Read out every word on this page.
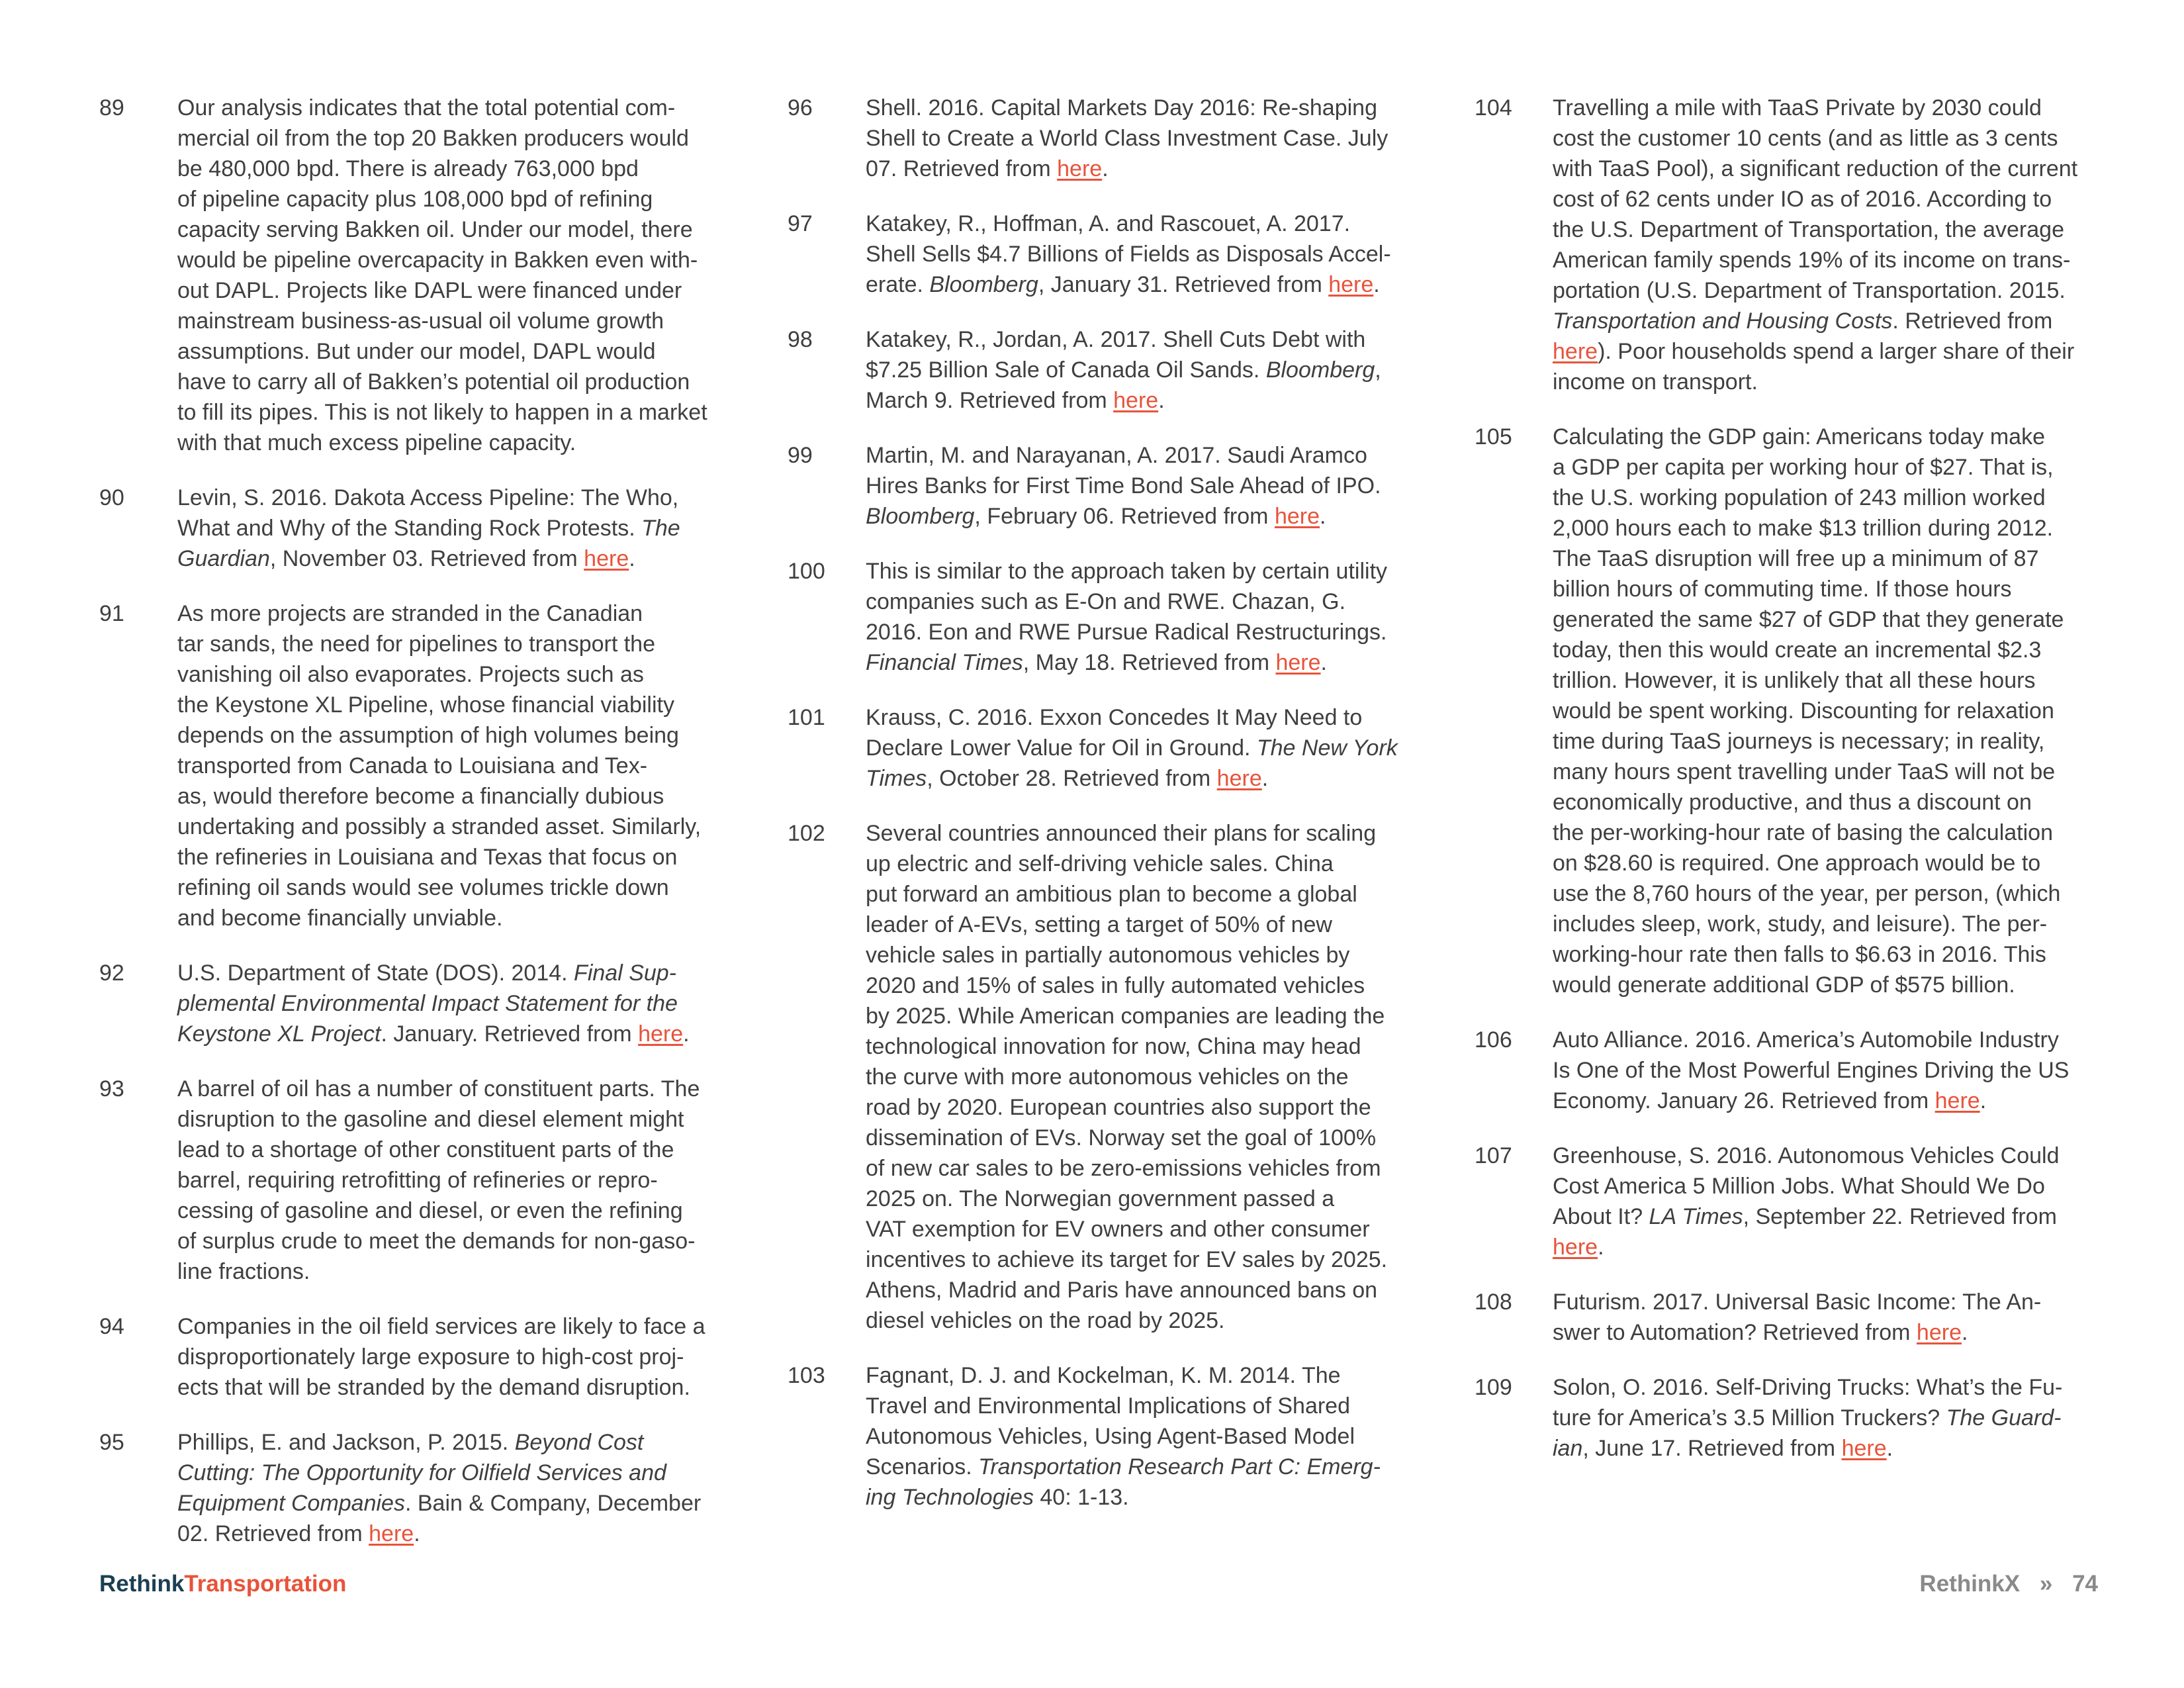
89	Our analysis indicates that the total potential com-
mercial oil from the top 20 Bakken producers would
be 480,000 bpd. There is already 763,000 bpd
of pipeline capacity plus 108,000 bpd of refining
capacity serving Bakken oil. Under our model, there
would be pipeline overcapacity in Bakken even with-
out DAPL. Projects like DAPL were financed under
mainstream business-as-usual oil volume growth
assumptions. But under our model, DAPL would
have to carry all of Bakken’s potential oil production
to fill its pipes. This is not likely to happen in a market
with that much excess pipeline capacity.
90	Levin, S. 2016. Dakota Access Pipeline: The Who,
What and Why of the Standing Rock Protests. The
Guardian, November 03. Retrieved from here.
91	As more projects are stranded in the Canadian
tar sands, the need for pipelines to transport the
vanishing oil also evaporates. Projects such as
the Keystone XL Pipeline, whose financial viability
depends on the assumption of high volumes being
transported from Canada to Louisiana and Tex-
as, would therefore become a financially dubious
undertaking and possibly a stranded asset. Similarly,
the refineries in Louisiana and Texas that focus on
refining oil sands would see volumes trickle down
and become financially unviable.
92	U.S. Department of State (DOS). 2014. Final Sup-
plemental Environmental Impact Statement for the
Keystone XL Project. January. Retrieved from here.
93	A barrel of oil has a number of constituent parts. The
disruption to the gasoline and diesel element might
lead to a shortage of other constituent parts of the
barrel, requiring retrofitting of refineries or repro-
cessing of gasoline and diesel, or even the refining
of surplus crude to meet the demands for non-gaso-
line fractions.
94	Companies in the oil field services are likely to face a
disproportionately large exposure to high-cost proj-
ects that will be stranded by the demand disruption.
95	Phillips, E. and Jackson, P. 2015. Beyond Cost
Cutting: The Opportunity for Oilfield Services and
Equipment Companies. Bain & Company, December
02. Retrieved from here.
96	Shell. 2016. Capital Markets Day 2016: Re-shaping
Shell to Create a World Class Investment Case. July
07. Retrieved from here.
97	Katakey, R., Hoffman, A. and Rascouet, A. 2017.
Shell Sells $4.7 Billions of Fields as Disposals Accel-
erate. Bloomberg, January 31. Retrieved from here.
98	Katakey, R., Jordan, A. 2017. Shell Cuts Debt with
$7.25 Billion Sale of Canada Oil Sands. Bloomberg,
March 9. Retrieved from here.
99	Martin, M. and Narayanan, A. 2017. Saudi Aramco
Hires Banks for First Time Bond Sale Ahead of IPO.
Bloomberg, February 06. Retrieved from here.
100	This is similar to the approach taken by certain utility
companies such as E-On and RWE. Chazan, G.
2016. Eon and RWE Pursue Radical Restructurings.
Financial Times, May 18. Retrieved from here.
101	Krauss, C. 2016. Exxon Concedes It May Need to
Declare Lower Value for Oil in Ground. The New York
Times, October 28. Retrieved from here.
102	Several countries announced their plans for scaling
up electric and self-driving vehicle sales. China
put forward an ambitious plan to become a global
leader of A-EVs, setting a target of 50% of new
vehicle sales in partially autonomous vehicles by
2020 and 15% of sales in fully automated vehicles
by 2025. While American companies are leading the
technological innovation for now, China may head
the curve with more autonomous vehicles on the
road by 2020. European countries also support the
dissemination of EVs. Norway set the goal of 100%
of new car sales to be zero-emissions vehicles from
2025 on. The Norwegian government passed a
VAT exemption for EV owners and other consumer
incentives to achieve its target for EV sales by 2025.
Athens, Madrid and Paris have announced bans on
diesel vehicles on the road by 2025.
103	Fagnant, D. J. and Kockelman, K. M. 2014. The
Travel and Environmental Implications of Shared
Autonomous Vehicles, Using Agent-Based Model
Scenarios. Transportation Research Part C: Emerg-
ing Technologies 40: 1-13.
104	Travelling a mile with TaaS Private by 2030 could
cost the customer 10 cents (and as little as 3 cents
with TaaS Pool), a significant reduction of the current
cost of 62 cents under IO as of 2016. According to
the U.S. Department of Transportation, the average
American family spends 19% of its income on trans-
portation (U.S. Department of Transportation. 2015.
Transportation and Housing Costs. Retrieved from
here). Poor households spend a larger share of their
income on transport.
105	Calculating the GDP gain: Americans today make
a GDP per capita per working hour of $27. That is,
the U.S. working population of 243 million worked
2,000 hours each to make $13 trillion during 2012.
The TaaS disruption will free up a minimum of 87
billion hours of commuting time. If those hours
generated the same $27 of GDP that they generate
today, then this would create an incremental $2.3
trillion. However, it is unlikely that all these hours
would be spent working. Discounting for relaxation
time during TaaS journeys is necessary; in reality,
many hours spent travelling under TaaS will not be
economically productive, and thus a discount on
the per-working-hour rate of basing the calculation
on $28.60 is required. One approach would be to
use the 8,760 hours of the year, per person, (which
includes sleep, work, study, and leisure). The per-
working-hour rate then falls to $6.63 in 2016. This
would generate additional GDP of $575 billion.
106	Auto Alliance. 2016. America’s Automobile Industry
Is One of the Most Powerful Engines Driving the US
Economy. January 26. Retrieved from here.
107	Greenhouse, S. 2016. Autonomous Vehicles Could
Cost America 5 Million Jobs. What Should We Do
About It? LA Times, September 22. Retrieved from
here.
108	Futurism. 2017. Universal Basic Income: The An-
swer to Automation? Retrieved from here.
109	Solon, O. 2016. Self-Driving Trucks: What’s the Fu-
ture for America’s 3.5 Million Truckers? The Guard-
ian, June 17. Retrieved from here.
RethinkTransportation	RethinkX » 74
